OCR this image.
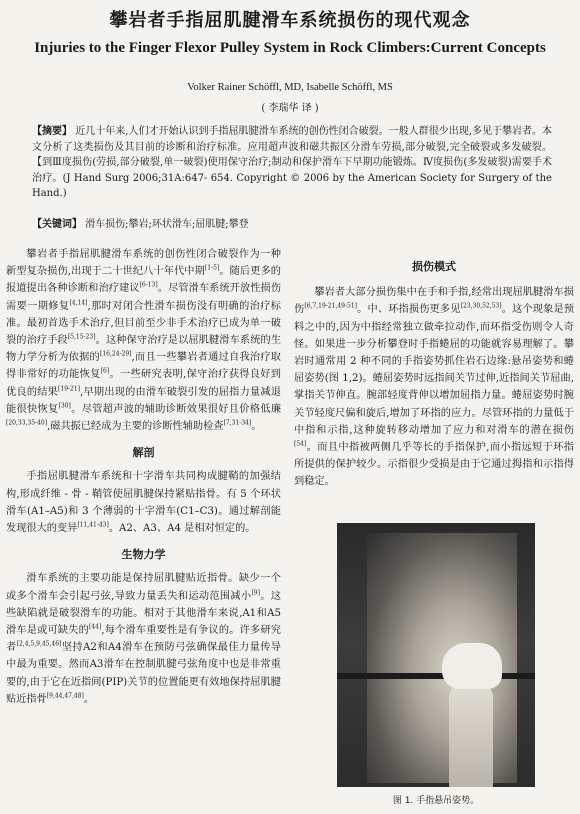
攀岩者手指屈肌腱滑车系统损伤的现代观念
Injuries to the Finger Flexor Pulley System in Rock Climbers:Current Concepts
Volker Rainer Schöffl, MD, Isabelle Schöffl, MS
( 李瑞华 译 )
【摘要】 近几十年来,人们才开始认识到手指屈肌腱滑车系统的创伤性闭合破裂。一般人群很少出现,多见于攀岩者。本文分析了这类损伤及其目前的诊断和治疗标准。应用超声波和磁共振区分滑车劳损,部分破裂,完全破裂或多发破裂。【到Ⅲ度损伤(劳损,部分破裂,单一破裂)使用保守治疗;制动和保护滑车下早期功能锻炼。Ⅳ度损伤(多发破裂)需要手术治疗。(J Hand Surg 2006;31A:647- 654. Copyright © 2006 by the American Society for Surgery of the Hand.)
【关键词】 滑车损伤;攀岩;环状滑车;屈肌腱;攀登

攀岩者手指屈肌腱滑车系统的创伤性闭合破裂作为一种新型复杂损伤,出现于二十世纪八十年代中期[1-5]。随后更多的报道提出各种诊断和治疗建议[6-13]。尽管滑车系统开放性损伤需要一期修复[4,14],那时对闭合性滑车损伤没有明确的治疗标准。最初首选手术治疗,但目前至少非手术治疗已成为单一破裂的治疗手段[5,15-23]。这种保守治疗是以屈肌腱滑车系统的生物力学分析为依据的[16,24-29],而且一些攀岩者通过自我治疗取得非常好的功能恢复[6]。一些研究表明,保守治疗获得良好到优良的结果[19-21],早期出现的由滑车破裂引发的屈指力量减退能很快恢复[30]。尽管超声波的辅助诊断效果很好且价格低廉[20,33,35-40],磁共振已经成为主要的诊断性辅助检查[7,31-34]。

解剖

手指屈肌腱滑车系统和十字滑车共同构成腱鞘的加强结构,形成纤维 - 骨 - 鞘管使屈肌腱保持紧贴指骨。有 5 个环状滑车(A1–A5)和 3 个薄弱的十字滑车(C1–C3)。通过解剖能发现很大的变异[11,41-43]。A2、A3、A4 是相对恒定的。

生物力学

滑车系统的主要功能是保持屈肌腱贴近指骨。缺少一个或多个滑车会引起弓弦,导致力量丢失和运动范围减小[9]。这些缺陷就是破裂滑车的功能。相对于其他滑车来说,A1和A5滑车是或可缺失的[44],每个滑车重要性是有争议的。许多研究者[2,4,5,9,45,46]坚持A2和A4滑车在预防弓弦确保最佳力量传导中最为重要。然而A3滑车在控制肌腱弓弦角度中也是非常重要的,由于它在近指间(PIP)关节的位置能更有效地保持屈肌腱贴近指骨[9,44,47,48]。

损伤模式

攀岩者大部分损伤集中在手和手指,经常出现屈肌腱滑车损伤[6,7,19-21,49-51]。中、环指损伤更多见[23,30,52,53]。这个现象是预料之中的,因为中指经常独立做牵拉动作,而环指受伤则令人奇怪。如果进一步分析攀登时手指蜷屈的功能就容易理解了。攀岩时通常用 2 种不同的手指姿势抓住岩石边缘:悬吊姿势和蜷屈姿势(图 1,2)。蜷屈姿势时远指间关节过伸,近指间关节屈曲,掌指关节伸直。腕部轻度背伸以增加屈指力量。蜷屈姿势时腕关节轻度尺偏和旋后,增加了环指的应力。尽管环指的力量低于中指和示指,这种旋转移动增加了应力和对滑车的潜在损伤[54]。而且中指被两侧几乎等长的手指保护,而小指远短于环指所提供的保护较少。示指很少受损是由于它通过拇指和示指得到稳定。

图 1. 手指悬吊姿势。
